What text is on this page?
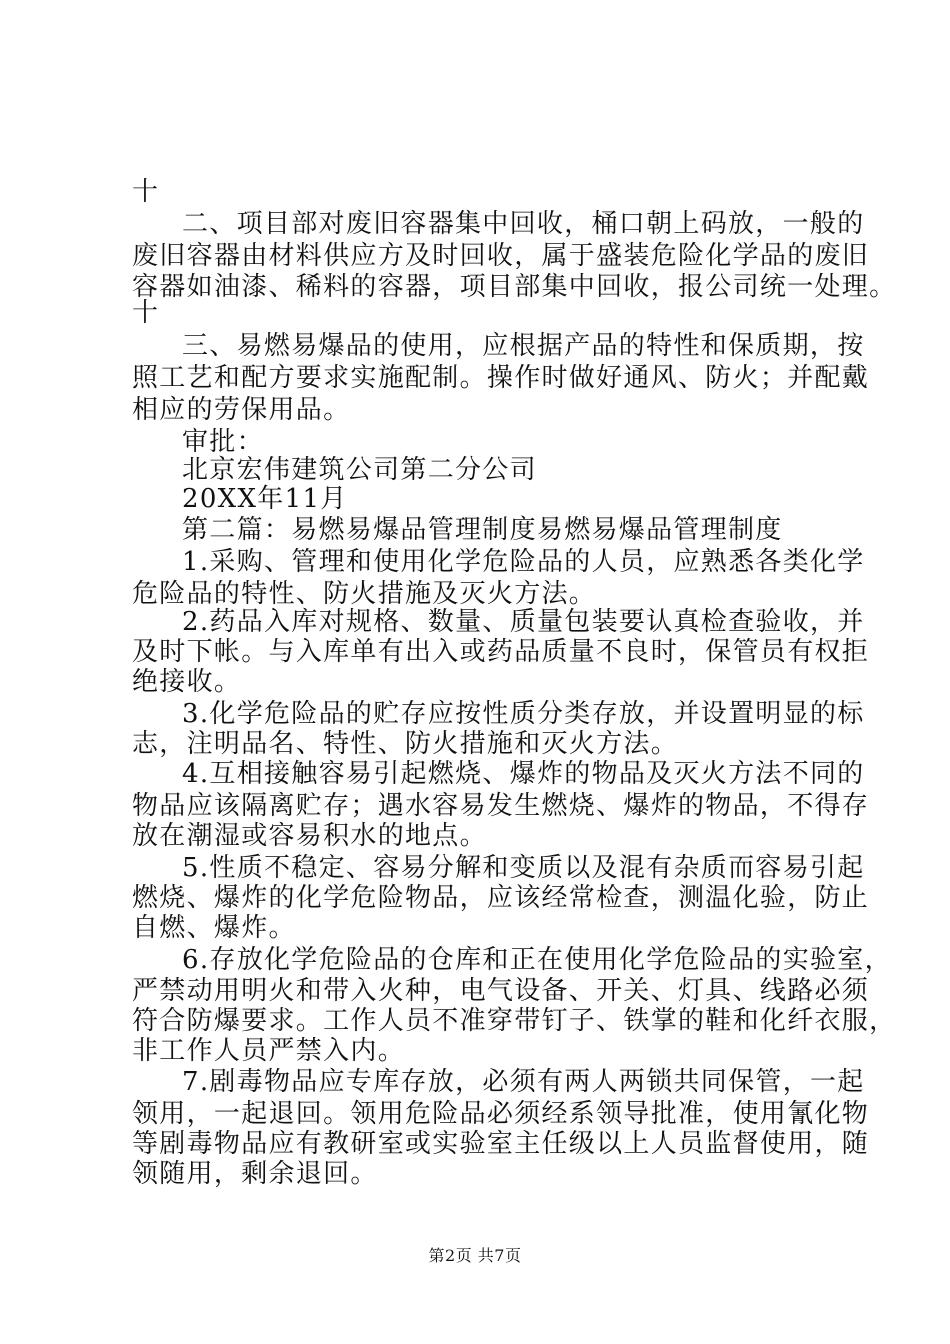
十
二、项目部对废旧容器集中回收，桶口朝上码放，一般的
废旧容器由材料供应方及时回收，属于盛装危险化学品的废旧
容器如油漆、稀料的容器，项目部集中回收，报公司统一处理。
十
三、易燃易爆品的使用，应根据产品的特性和保质期，按
照工艺和配方要求实施配制。操作时做好通风、防火；并配戴
相应的劳保用品。
审批：
北京宏伟建筑公司第二分公司
20XX年11月
第二篇：易燃易爆品管理制度易燃易爆品管理制度
1.采购、管理和使用化学危险品的人员，应熟悉各类化学
危险品的特性、防火措施及灭火方法。
2.药品入库对规格、数量、质量包装要认真检查验收，并
及时下帐。与入库单有出入或药品质量不良时，保管员有权拒
绝接收。
3.化学危险品的贮存应按性质分类存放，并设置明显的标
志，注明品名、特性、防火措施和灭火方法。
4.互相接触容易引起燃烧、爆炸的物品及灭火方法不同的
物品应该隔离贮存；遇水容易发生燃烧、爆炸的物品，不得存
放在潮湿或容易积水的地点。
5.性质不稳定、容易分解和变质以及混有杂质而容易引起
燃烧、爆炸的化学危险物品，应该经常检查，测温化验，防止
自燃、爆炸。
6.存放化学危险品的仓库和正在使用化学危险品的实验室，
严禁动用明火和带入火种，电气设备、开关、灯具、线路必须
符合防爆要求。工作人员不准穿带钉子、铁掌的鞋和化纤衣服，
非工作人员严禁入内。
7.剧毒物品应专库存放，必须有两人两锁共同保管，一起
领用，一起退回。领用危险品必须经系领导批准，使用氰化物
等剧毒物品应有教研室或实验室主任级以上人员监督使用，随
领随用，剩余退回。
第2页 共7页
